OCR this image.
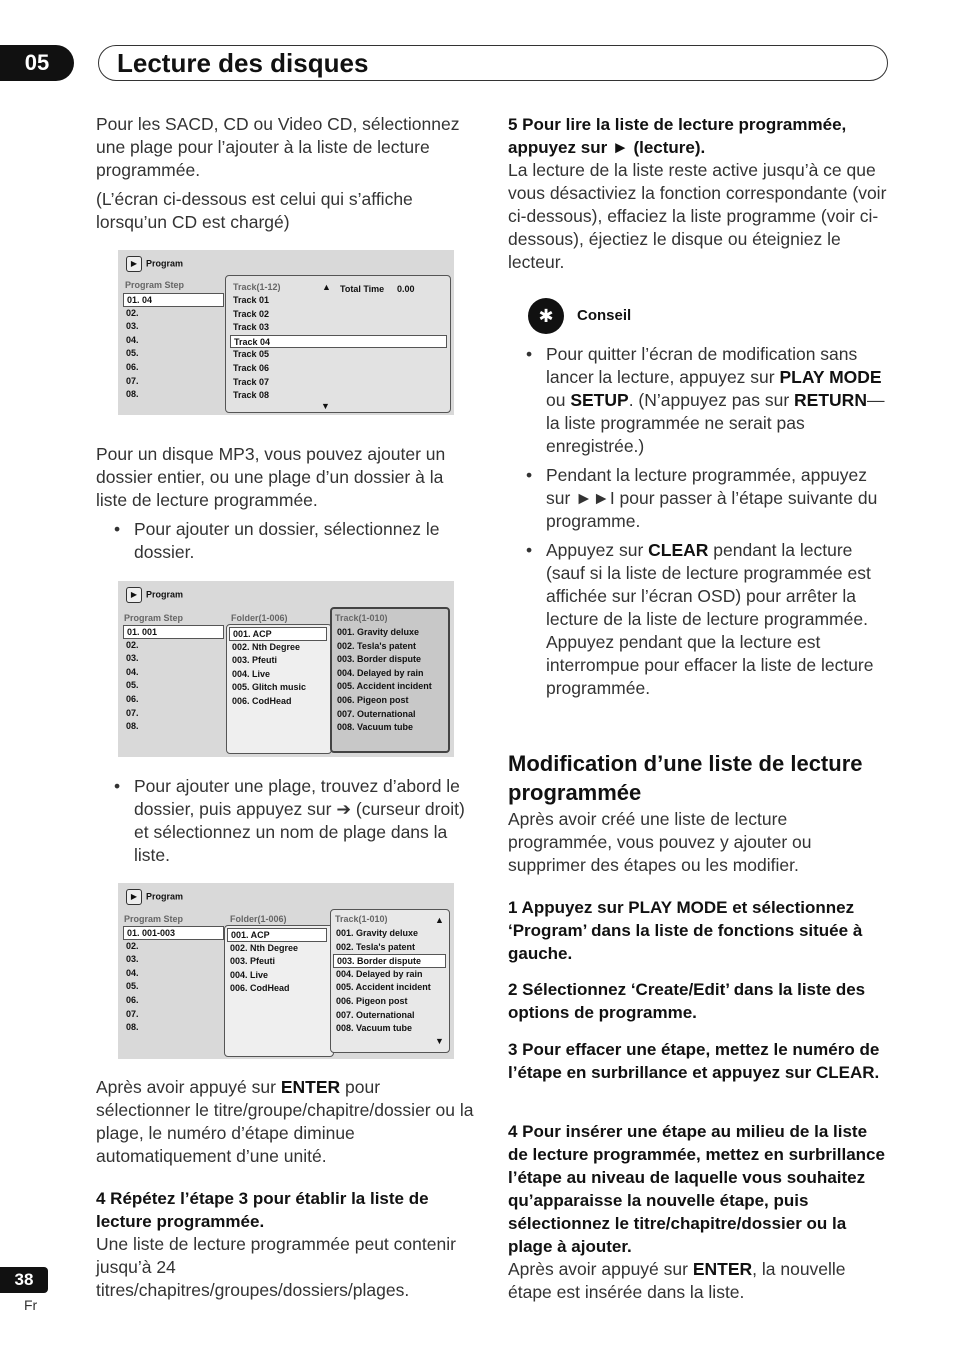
05	Lecture des disques

Pour les SACD, CD ou Video CD, sélectionnez une plage pour l’ajouter à la liste de lecture programmée.

(L’écran ci-dessous est celui qui s’affiche lorsqu’un CD est chargé)

▶ Program
Program Step
01. 04
02.
03.
04.
05.
06.
07.
08.
Track(1-12)	▲ Total Time 0.00
Track 01
Track 02
Track 03
Track 04
Track 05
Track 06
Track 07
Track 08
▼

Pour un disque MP3, vous pouvez ajouter un dossier entier, ou une plage d’un dossier à la liste de lecture programmée.

• Pour ajouter un dossier, sélectionnez le dossier.

▶ Program
Program Step
01. 001
02.
03.
04.
05.
06.
07.
08.
Folder(1-006)
001. ACP
002. Nth Degree
003. Pfeuti
004. Live
005. Glitch music
006. CodHead
Track(1-010)
001. Gravity deluxe
002. Tesla's patent
003. Border dispute
004. Delayed by rain
005. Accident incident
006. Pigeon post
007. Outernational
008. Vacuum tube

• Pour ajouter une plage, trouvez d’abord le dossier, puis appuyez sur ➔ (curseur droit) et sélectionnez un nom de plage dans la liste.

▶ Program
Program Step
01. 001-003
02.
03.
04.
05.
06.
07.
08.
Folder(1-006)
001. ACP
002. Nth Degree
003. Pfeuti
004. Live
006. CodHead
Track(1-010)	▲
001. Gravity deluxe
002. Tesla's patent
003. Border dispute
004. Delayed by rain
005. Accident incident
006. Pigeon post
007. Outernational
008. Vacuum tube
▼

Après avoir appuyé sur ENTER pour sélectionner le titre/groupe/chapitre/dossier ou la plage, le numéro d’étape diminue automatiquement d’une unité.

4 Répétez l’étape 3 pour établir la liste de lecture programmée.
Une liste de lecture programmée peut contenir jusqu’à 24 titres/chapitres/groupes/dossiers/plages.
5 Pour lire la liste de lecture programmée, appuyez sur ► (lecture).
La lecture de la liste reste active jusqu’à ce que vous désactiviez la fonction correspondante (voir ci-dessous), effaciez la liste programme (voir ci-dessous), éjectiez le disque ou éteigniez le lecteur.
✱	Conseil

• Pour quitter l’écran de modification sans lancer la lecture, appuyez sur PLAY MODE ou SETUP. (N’appuyez pas sur RETURN—la liste programmée ne serait pas enregistrée.)

• Pendant la lecture programmée, appuyez sur ►►I pour passer à l’étape suivante du programme.

• Appuyez sur CLEAR pendant la lecture (sauf si la liste de lecture programmée est affichée sur l’écran OSD) pour arrêter la lecture de la liste de lecture programmée. Appuyez pendant que la lecture est interrompue pour effacer la liste de lecture programmée.

Modification d’une liste de lecture programmée
Après avoir créé une liste de lecture programmée, vous pouvez y ajouter ou supprimer des étapes ou les modifier.
1 Appuyez sur PLAY MODE et sélectionnez ‘Program’ dans la liste de fonctions située à gauche.
2 Sélectionnez ‘Create/Edit’ dans la liste des options de programme.
3 Pour effacer une étape, mettez le numéro de l’étape en surbrillance et appuyez sur CLEAR.
4 Pour insérer une étape au milieu de la liste de lecture programmée, mettez en surbrillance l’étape au niveau de laquelle vous souhaitez qu’apparaisse la nouvelle étape, puis sélectionnez le titre/chapitre/dossier ou la plage à ajouter.
Après avoir appuyé sur ENTER, la nouvelle étape est insérée dans la liste.
38
Fr
